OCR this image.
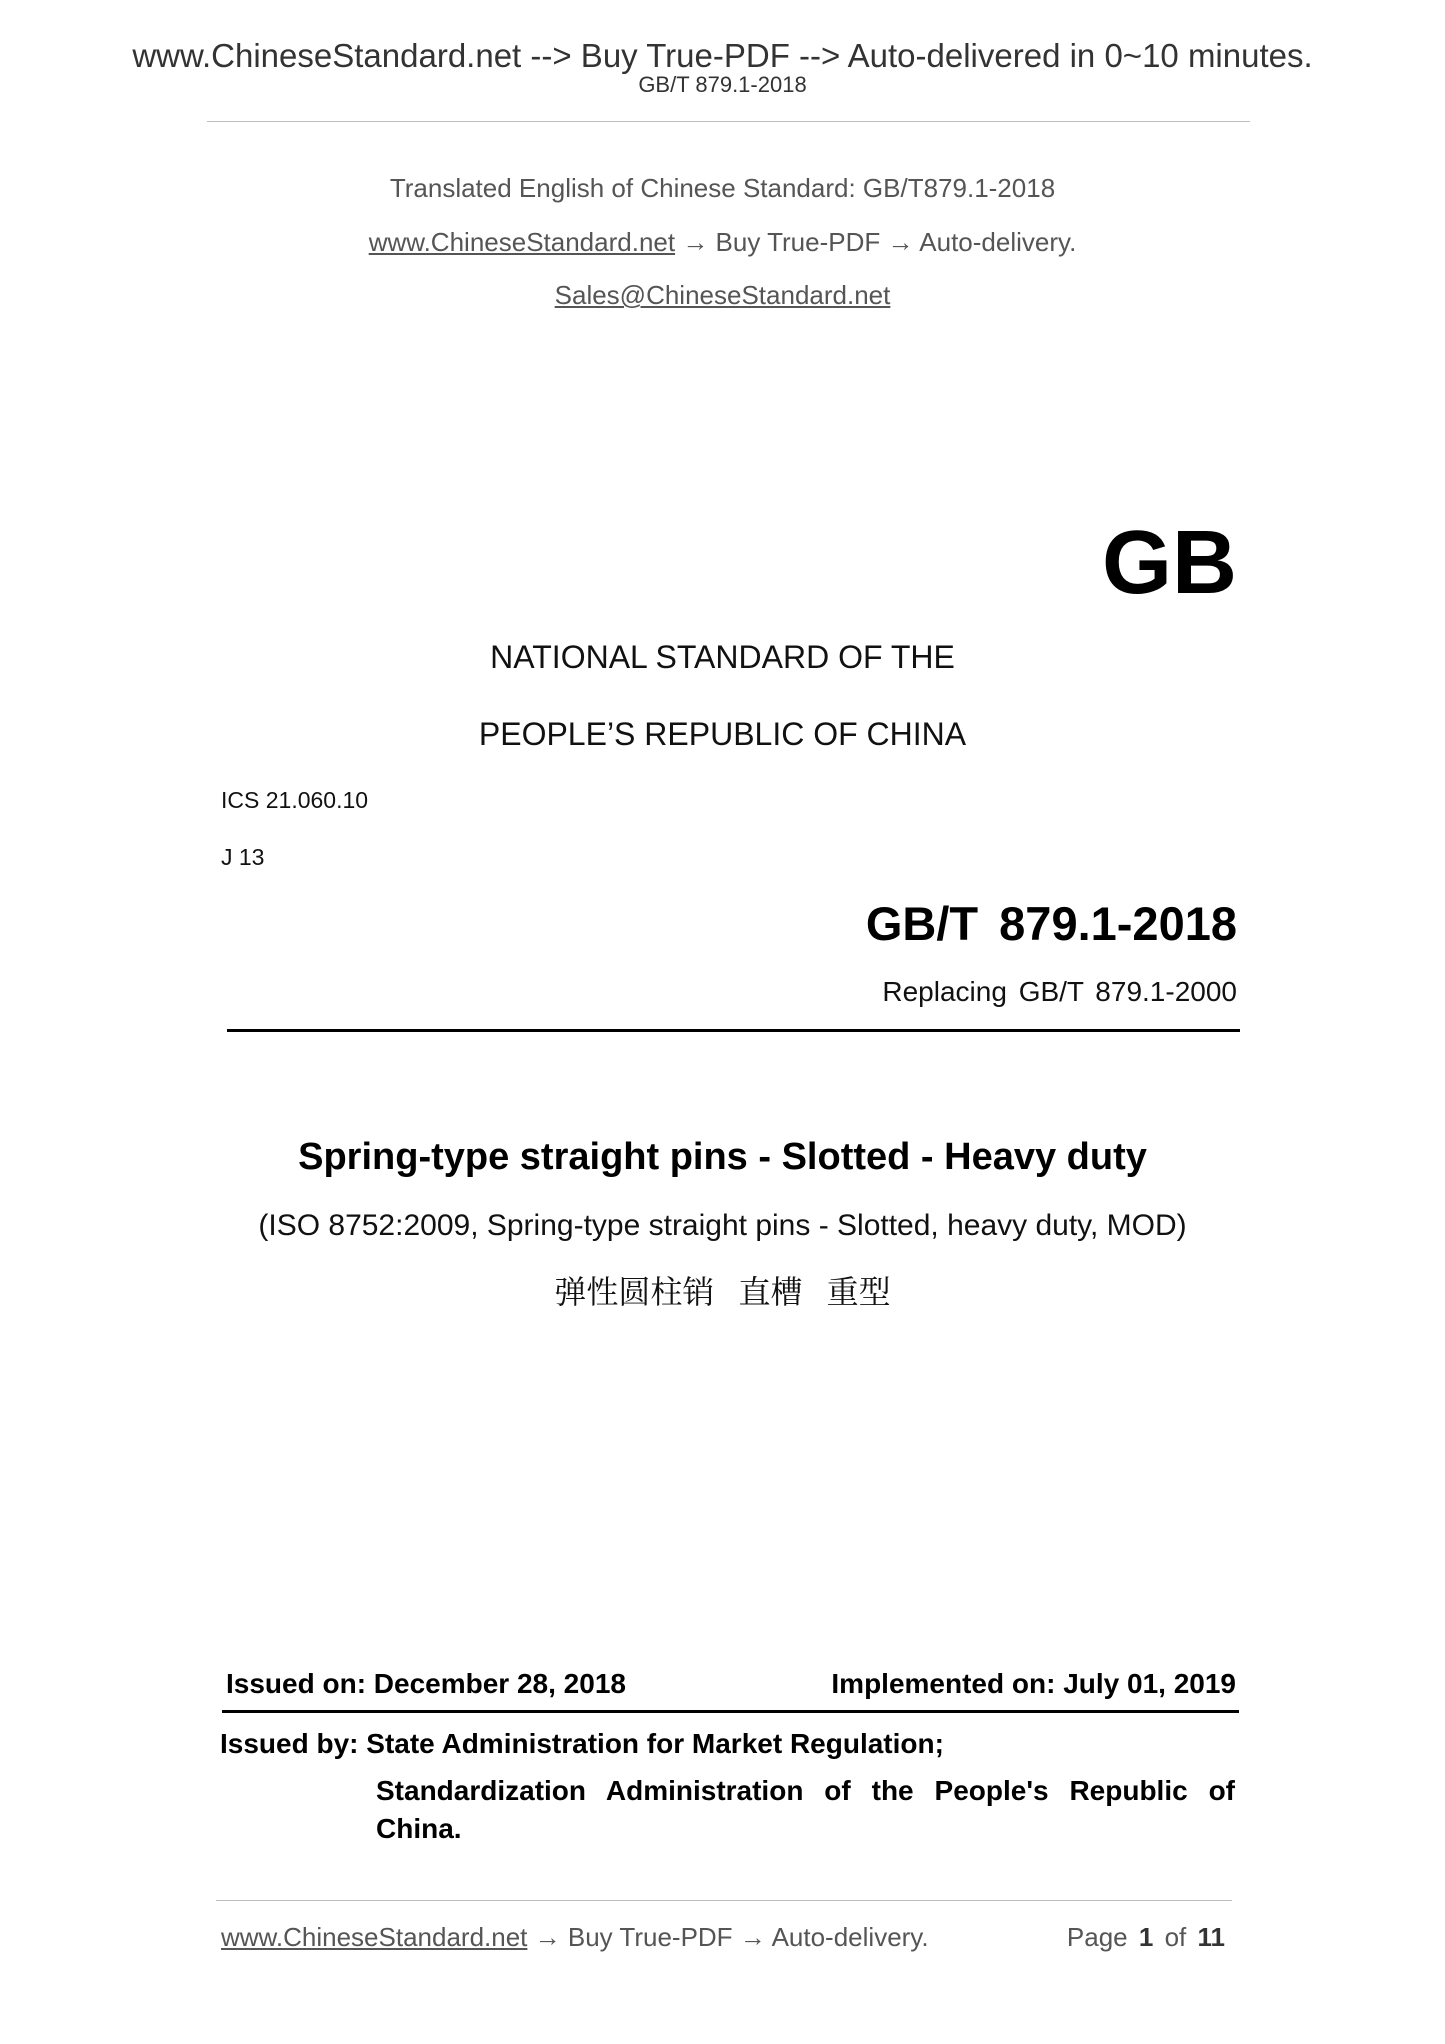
www.ChineseStandard.net --> Buy True-PDF --> Auto-delivered in 0~10 minutes.
GB/T 879.1-2018
Translated English of Chinese Standard: GB/T879.1-2018
www.ChineseStandard.net → Buy True-PDF → Auto-delivery.
Sales@ChineseStandard.net
GB
NATIONAL STANDARD OF THE
PEOPLE’S REPUBLIC OF CHINA
ICS 21.060.10
J 13
GB/T 879.1-2018
Replacing GB/T 879.1-2000
Spring-type straight pins - Slotted - Heavy duty
(ISO 8752:2009, Spring-type straight pins - Slotted, heavy duty, MOD)
弹性圆柱销 直槽 重型
Issued on: December 28, 2018	Implemented on: July 01, 2019
Issued by: State Administration for Market Regulation;
Standardization Administration of the People's Republic of China.
www.ChineseStandard.net → Buy True-PDF → Auto-delivery.	Page 1 of 11
